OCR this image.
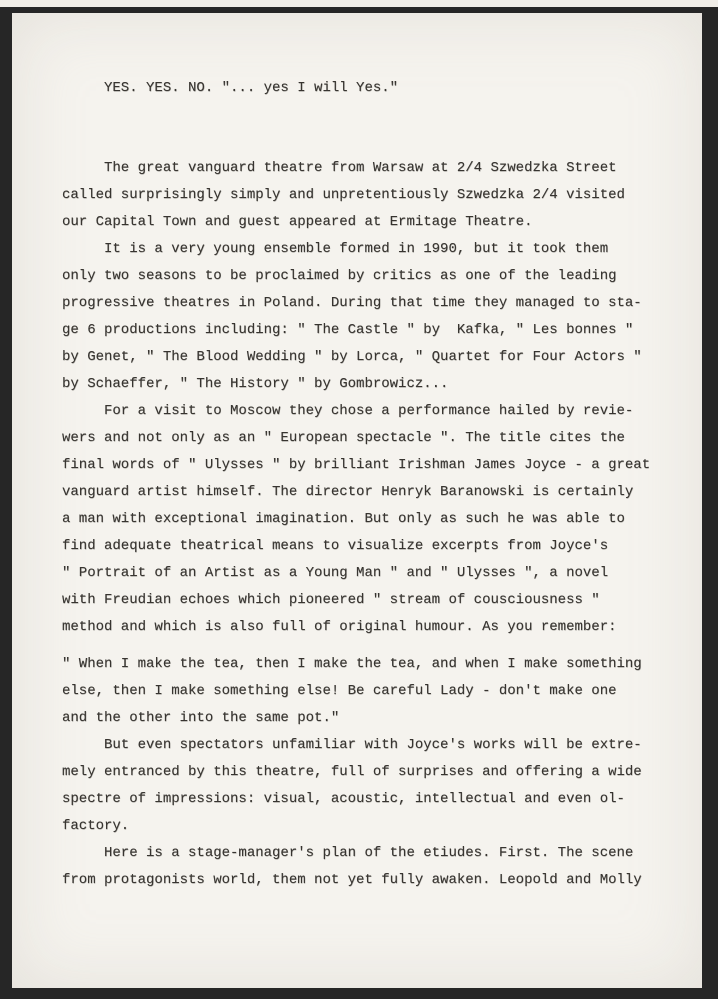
YES. YES. NO. "... yes I will Yes."
The great vanguard theatre from Warsaw at 2/4 Szwedzka Street
called surprisingly simply and unpretentiously Szwedzka 2/4 visited
our Capital Town and guest appeared at Ermitage Theatre.
It is a very young ensemble formed in 1990, but it took them
only two seasons to be proclaimed by critics as one of the leading
progressive theatres in Poland. During that time they managed to sta-
ge 6 productions including: " The Castle " by  Kafka, " Les bonnes "
by Genet, " The Blood Wedding " by Lorca, " Quartet for Four Actors "
by Schaeffer, " The History " by Gombrowicz...
For a visit to Moscow they chose a performance hailed by revie-
wers and not only as an " European spectacle ". The title cites the
final words of " Ulysses " by brilliant Irishman James Joyce - a great
vanguard artist himself. The director Henryk Baranowski is certainly
a man with exceptional imagination. But only as such he was able to
find adequate theatrical means to visualize excerpts from Joyce's
" Portrait of an Artist as a Young Man " and " Ulysses ", a novel
with Freudian echoes which pioneered " stream of cousciousness "
method and which is also full of original humour. As you remember:
" When I make the tea, then I make the tea, and when I make something
else, then I make something else! Be careful Lady - don't make one
and the other into the same pot."
But even spectators unfamiliar with Joyce's works will be extre-
mely entranced by this theatre, full of surprises and offering a wide
spectre of impressions: visual, acoustic, intellectual and even ol-
factory.
Here is a stage-manager's plan of the etiudes. First. The scene
from protagonists world, them not yet fully awaken. Leopold and Molly
